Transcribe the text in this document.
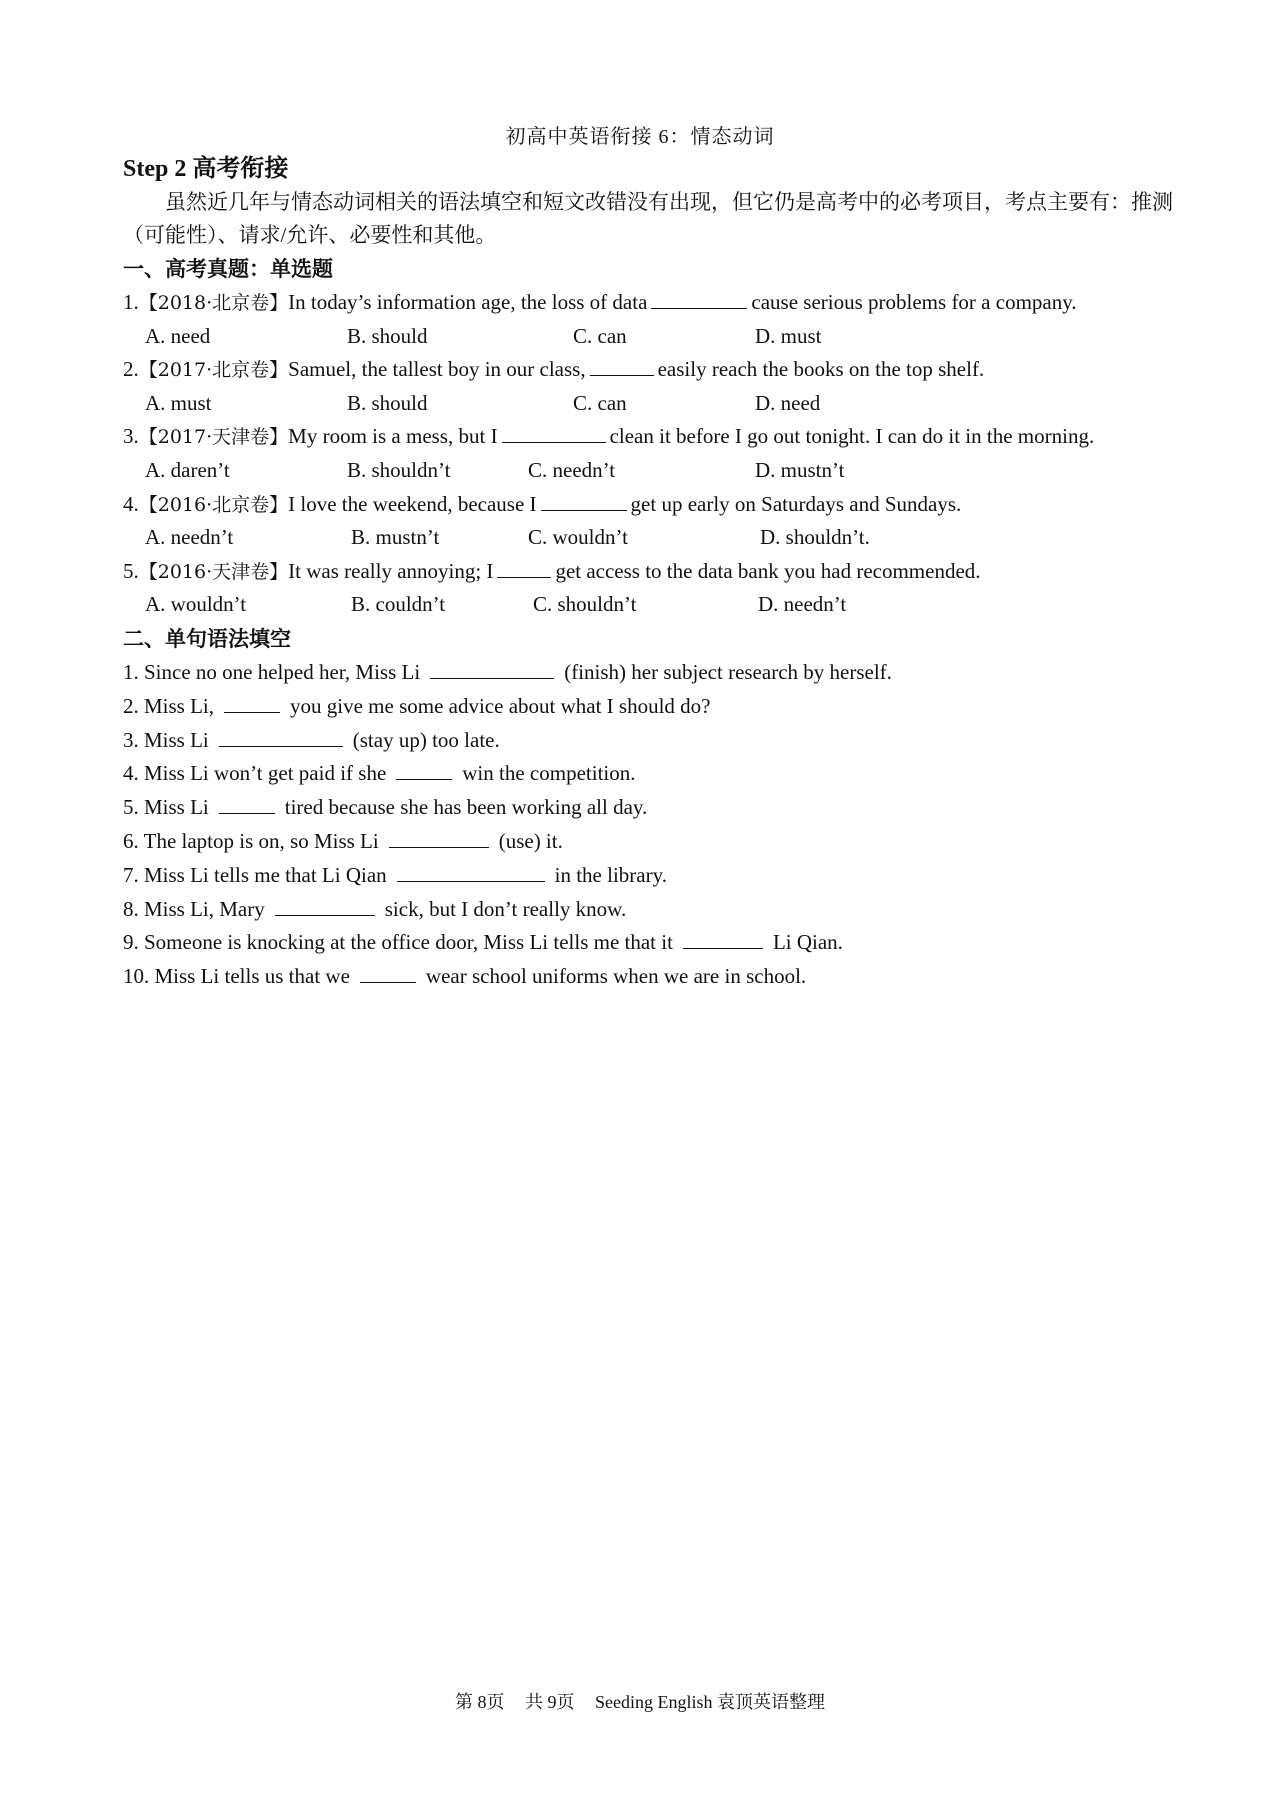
初高中英语衔接 6：情态动词
Step 2 高考衔接

虽然近几年与情态动词相关的语法填空和短文改错没有出现，但它仍是高考中的必考项目，考点主要有：推测（可能性）、请求/允许、必要性和其他。

一、高考真题：单选题
1.【2018·北京卷】In today’s information age, the loss of data	cause serious problems for a company.
A. need	B. should	C. can	D. must
2.【2017·北京卷】Samuel, the tallest boy in our class,	easily reach the books on the top shelf.
A. must	B. should	C. can	D. need
3.【2017·天津卷】My room is a mess, but I	clean it before I go out tonight. I can do it in the morning.
A. daren’t	B. shouldn’t	C. needn’t	D. mustn’t
4.【2016·北京卷】I love the weekend, because I	get up early on Saturdays and Sundays.
A. needn’t	B. mustn’t	C. wouldn’t	D. shouldn’t.
5.【2016·天津卷】It was really annoying; I	get access to the data bank you had recommended.
A. wouldn’t	B. couldn’t	C. shouldn’t	D. needn’t
二、单句语法填空
1. Since no one helped her, Miss Li	(finish) her subject research by herself.
2. Miss Li,	you give me some advice about what I should do?
3. Miss Li	(stay up) too late.
4. Miss Li won’t get paid if she	win the competition.
5. Miss Li	tired because she has been working all day.
6. The laptop is on, so Miss Li	(use) it.
7. Miss Li tells me that Li Qian	in the library.
8. Miss Li, Mary	sick, but I don’t really know.
9. Someone is knocking at the office door, Miss Li tells me that it	Li Qian.
10. Miss Li tells us that we	wear school uniforms when we are in school.
第 8页 共 9页 Seeding English 袁顶英语整理
